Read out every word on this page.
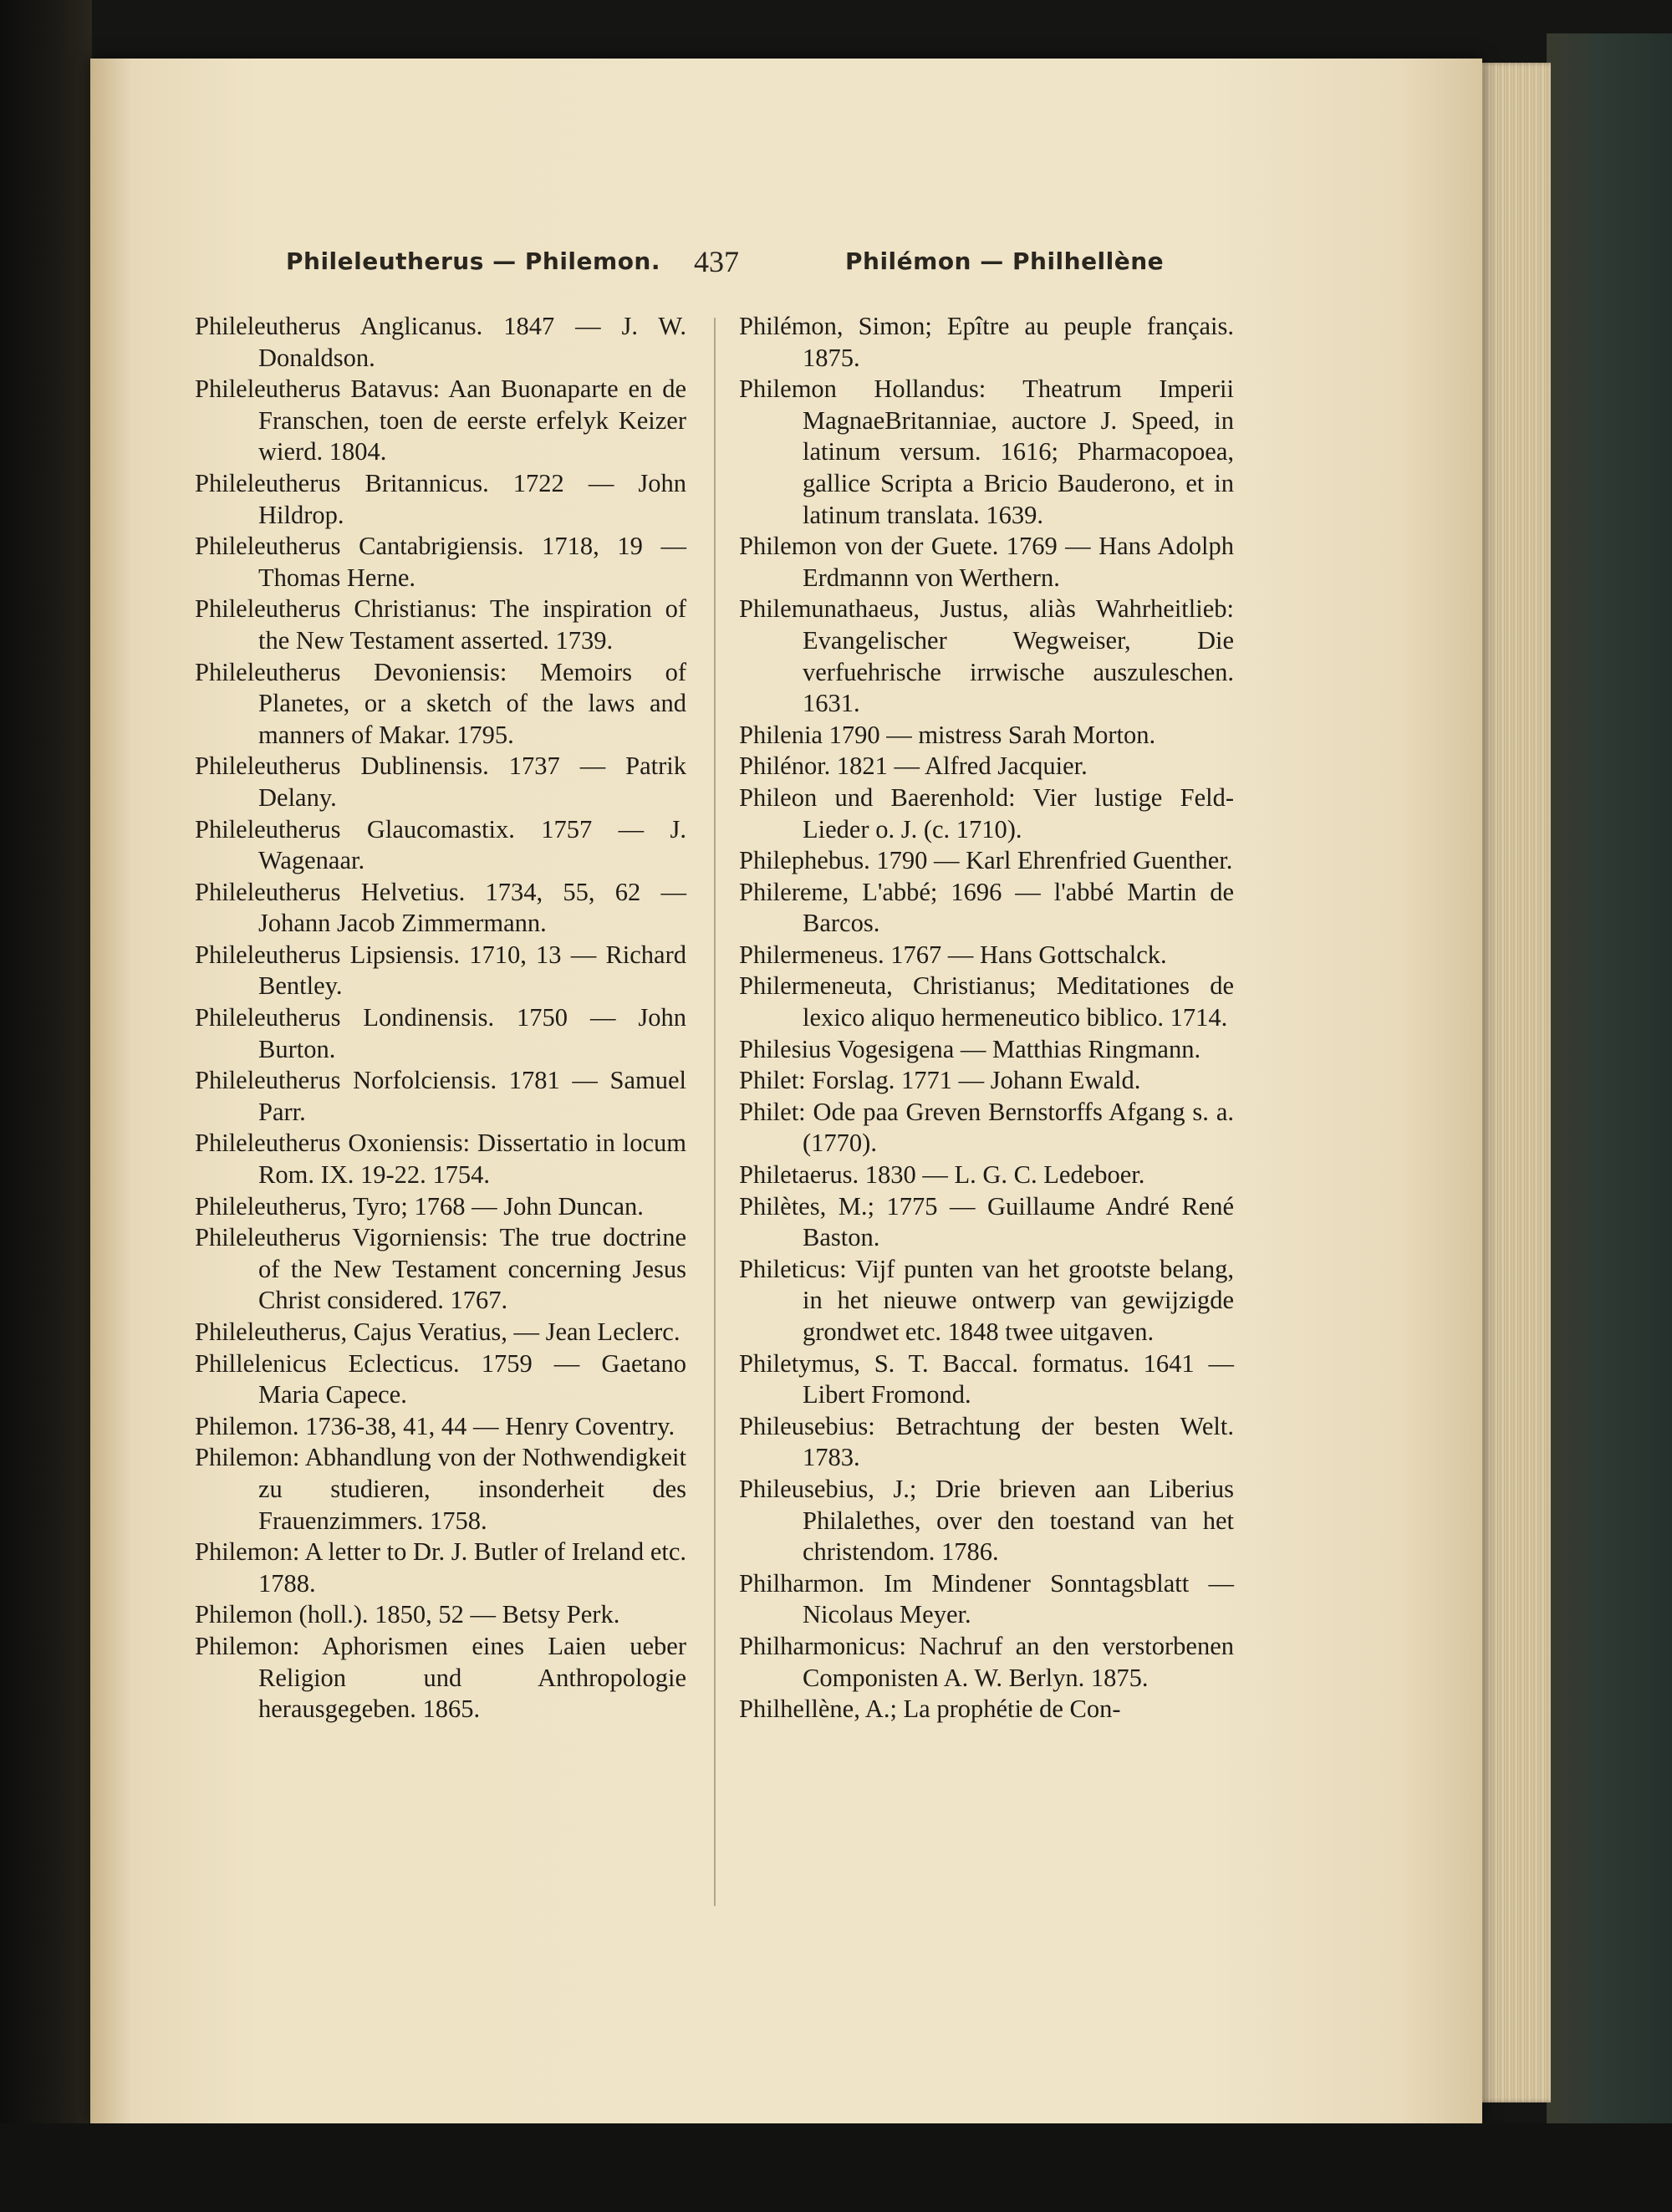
Phileleutherus — Philemon. 437	Philémon — Philhellène

Phileleutherus Anglicanus. 1847 — J. W. Donaldson.

Phileleutherus Batavus: Aan Buonaparte en de Franschen, toen de eerste erfelyk Keizer wierd. 1804.

Phileleutherus Britannicus. 1722 — John Hildrop.

Phileleutherus Cantabrigiensis. 1718, 19 — Thomas Herne.

Phileleutherus Christianus: The inspiration of the New Testament asserted. 1739.

Phileleutherus Devoniensis: Memoirs of Planetes, or a sketch of the laws and manners of Makar. 1795.

Phileleutherus Dublinensis. 1737 — Patrik Delany.

Phileleutherus Glaucomastix. 1757 — J. Wagenaar.

Phileleutherus Helvetius. 1734, 55, 62 — Johann Jacob Zimmermann.

Phileleutherus Lipsiensis. 1710, 13 — Richard Bentley.

Phileleutherus Londinensis. 1750 — John Burton.

Phileleutherus Norfolciensis. 1781 — Samuel Parr.

Phileleutherus Oxoniensis: Dissertatio in locum Rom. IX. 19-22. 1754.

Phileleutherus, Tyro; 1768 — John Duncan.

Phileleutherus Vigorniensis: The true doctrine of the New Testament concerning Jesus Christ considered. 1767.

Phileleutherus, Cajus Veratius, — Jean Leclerc.

Phillelenicus Eclecticus. 1759 — Gaetano Maria Capece.

Philemon. 1736-38, 41, 44 — Henry Coventry.

Philemon: Abhandlung von der Nothwendigkeit zu studieren, insonderheit des Frauenzimmers. 1758.

Philemon: A letter to Dr. J. Butler of Ireland etc. 1788.

Philemon (holl.). 1850, 52 — Betsy Perk.

Philemon: Aphorismen eines Laien ueber Religion und Anthropologie herausgegeben. 1865.

Philémon, Simon; Epître au peuple français. 1875.

Philemon Hollandus: Theatrum Imperii MagnaeBritanniae, auctore J. Speed, in latinum versum. 1616; Pharmacopoea, gallice Scripta a Bricio Bauderono, et in latinum translata. 1639.

Philemon von der Guete. 1769 — Hans Adolph Erdmannn von Werthern.

Philemunathaeus, Justus, aliàs Wahrheitlieb: Evangelischer Wegweiser, Die verfuehrische irrwische auszuleschen. 1631.

Philenia 1790 — mistress Sarah Morton.

Philénor. 1821 — Alfred Jacquier.

Phileon und Baerenhold: Vier lustige Feld-Lieder o. J. (c. 1710).

Philephebus. 1790 — Karl Ehrenfried Guenther.

Philereme, L'abbé; 1696 — l'abbé Martin de Barcos.

Philermeneus. 1767 — Hans Gottschalck.

Philermeneuta, Christianus; Meditationes de lexico aliquo hermeneutico biblico. 1714.

Philesius Vogesigena — Matthias Ringmann.

Philet: Forslag. 1771 — Johann Ewald.

Philet: Ode paa Greven Bernstorffs Afgang s. a. (1770).

Philetaerus. 1830 — L. G. C. Ledeboer.

Philètes, M.; 1775 — Guillaume André René Baston.

Phileticus: Vijf punten van het grootste belang, in het nieuwe ontwerp van gewijzigde grondwet etc. 1848 twee uitgaven.

Philetymus, S. T. Baccal. formatus. 1641 — Libert Fromond.

Phileusebius: Betrachtung der besten Welt. 1783.

Phileusebius, J.; Drie brieven aan Liberius Philalethes, over den toestand van het christendom. 1786.

Philharmon. Im Mindener Sonntagsblatt — Nicolaus Meyer.

Philharmonicus: Nachruf an den verstorbenen Componisten A. W. Berlyn. 1875.

Philhellène, A.; La prophétie de Con-
